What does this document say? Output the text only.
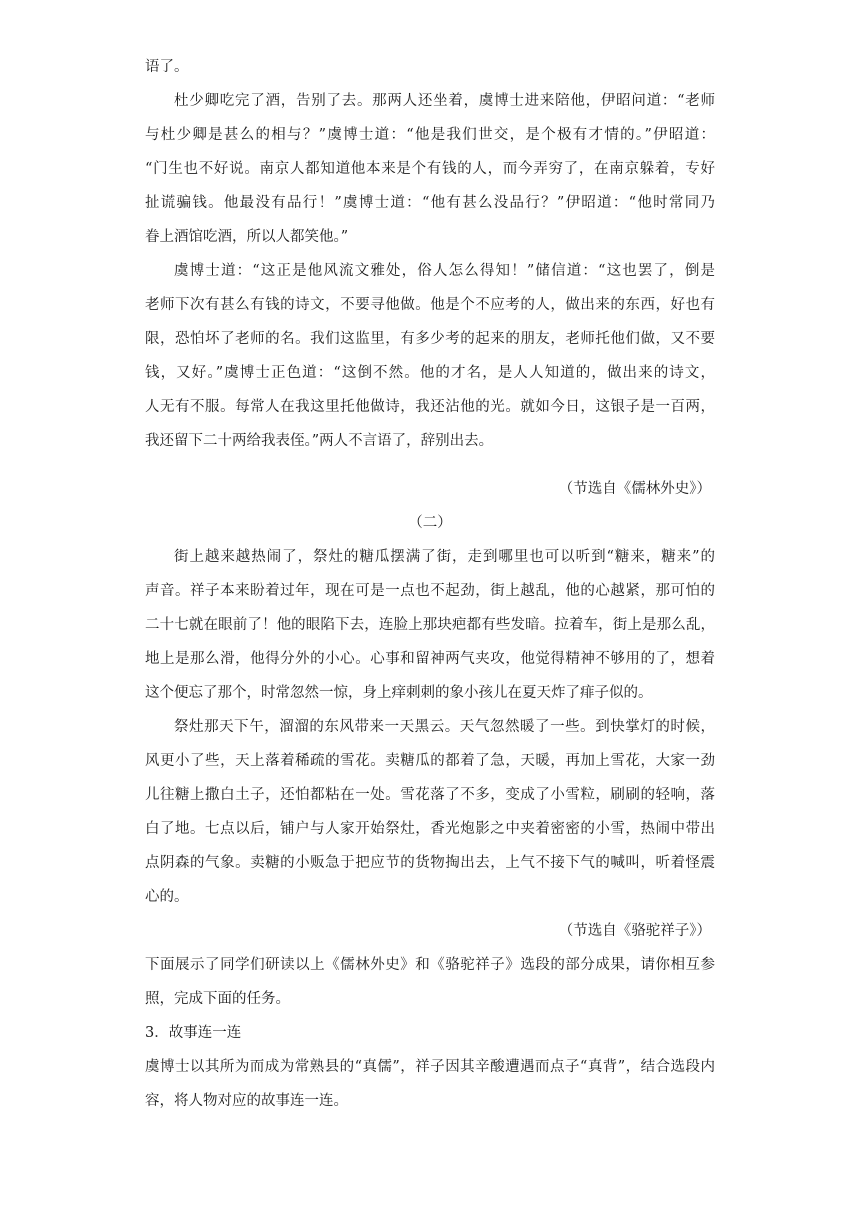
语了。
杜少卿吃完了酒，告别了去。那两人还坐着，虞博士进来陪他，伊昭问道：“老师
与杜少卿是甚么的相与？”虞博士道：“他是我们世交，是个极有才情的。”伊昭道：
“门生也不好说。南京人都知道他本来是个有钱的人，而今弄穷了，在南京躲着，专好
扯谎骗钱。他最没有品行！”虞博士道：“他有甚么没品行？”伊昭道：“他时常同乃
眷上酒馆吃酒，所以人都笑他。”
虞博士道：“这正是他风流文雅处，俗人怎么得知！”储信道：“这也罢了，倒是
老师下次有甚么有钱的诗文，不要寻他做。他是个不应考的人，做出来的东西，好也有
限，恐怕坏了老师的名。我们这监里，有多少考的起来的朋友，老师托他们做，又不要
钱，又好。”虞博士正色道：“这倒不然。他的才名，是人人知道的，做出来的诗文，
人无有不服。每常人在我这里托他做诗，我还沾他的光。就如今日，这银子是一百两，
我还留下二十两给我表侄。”两人不言语了，辞别出去。
（节选自《儒林外史》）
（二）
街上越来越热闹了，祭灶的糖瓜摆满了街，走到哪里也可以听到“糖来，糖来”的
声音。祥子本来盼着过年，现在可是一点也不起劲，街上越乱，他的心越紧，那可怕的
二十七就在眼前了！他的眼陷下去，连脸上那块疤都有些发暗。拉着车，街上是那么乱，
地上是那么滑，他得分外的小心。心事和留神两气夹攻，他觉得精神不够用的了，想着
这个便忘了那个，时常忽然一惊，身上痒刺刺的象小孩儿在夏天炸了痱子似的。
祭灶那天下午，溜溜的东风带来一天黑云。天气忽然暖了一些。到快掌灯的时候，
风更小了些，天上落着稀疏的雪花。卖糖瓜的都着了急，天暖，再加上雪花，大家一劲
儿往糖上撒白土子，还怕都粘在一处。雪花落了不多，变成了小雪粒，刷刷的轻响，落
白了地。七点以后，铺户与人家开始祭灶，香光炮影之中夹着密密的小雪，热闹中带出
点阴森的气象。卖糖的小贩急于把应节的货物掏出去，上气不接下气的喊叫，听着怪震
心的。
（节选自《骆驼祥子》）
下面展示了同学们研读以上《儒林外史》和《骆驼祥子》选段的部分成果，请你相互参
照，完成下面的任务。
3．故事连一连
虞博士以其所为而成为常熟县的“真儒”，祥子因其辛酸遭遇而点子“真背”，结合选段内
容，将人物对应的故事连一连。
